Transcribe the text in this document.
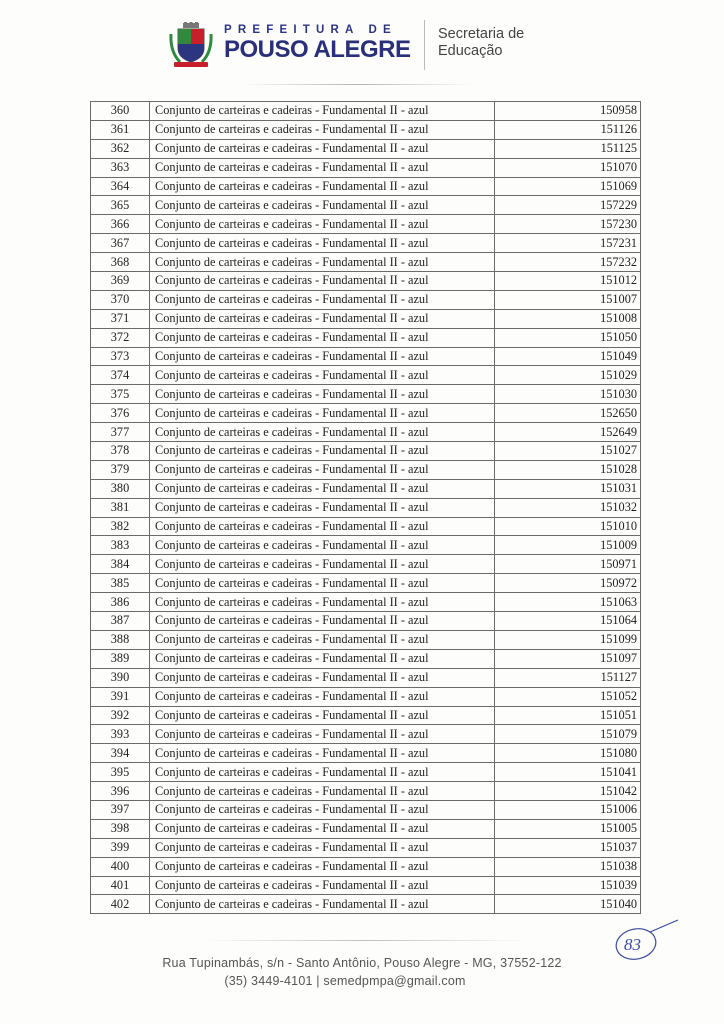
PREFEITURA DE
POUSO ALEGRE
Secretaria de
Educação
360	Conjunto de carteiras e cadeiras - Fundamental II - azul	150958
361	Conjunto de carteiras e cadeiras - Fundamental II - azul	151126
362	Conjunto de carteiras e cadeiras - Fundamental II - azul	151125
363	Conjunto de carteiras e cadeiras - Fundamental II - azul	151070
364	Conjunto de carteiras e cadeiras - Fundamental II - azul	151069
365	Conjunto de carteiras e cadeiras - Fundamental II - azul	157229
366	Conjunto de carteiras e cadeiras - Fundamental II - azul	157230
367	Conjunto de carteiras e cadeiras - Fundamental II - azul	157231
368	Conjunto de carteiras e cadeiras - Fundamental II - azul	157232
369	Conjunto de carteiras e cadeiras - Fundamental II - azul	151012
370	Conjunto de carteiras e cadeiras - Fundamental II - azul	151007
371	Conjunto de carteiras e cadeiras - Fundamental II - azul	151008
372	Conjunto de carteiras e cadeiras - Fundamental II - azul	151050
373	Conjunto de carteiras e cadeiras - Fundamental II - azul	151049
374	Conjunto de carteiras e cadeiras - Fundamental II - azul	151029
375	Conjunto de carteiras e cadeiras - Fundamental II - azul	151030
376	Conjunto de carteiras e cadeiras - Fundamental II - azul	152650
377	Conjunto de carteiras e cadeiras - Fundamental II - azul	152649
378	Conjunto de carteiras e cadeiras - Fundamental II - azul	151027
379	Conjunto de carteiras e cadeiras - Fundamental II - azul	151028
380	Conjunto de carteiras e cadeiras - Fundamental II - azul	151031
381	Conjunto de carteiras e cadeiras - Fundamental II - azul	151032
382	Conjunto de carteiras e cadeiras - Fundamental II - azul	151010
383	Conjunto de carteiras e cadeiras - Fundamental II - azul	151009
384	Conjunto de carteiras e cadeiras - Fundamental II - azul	150971
385	Conjunto de carteiras e cadeiras - Fundamental II - azul	150972
386	Conjunto de carteiras e cadeiras - Fundamental II - azul	151063
387	Conjunto de carteiras e cadeiras - Fundamental II - azul	151064
388	Conjunto de carteiras e cadeiras - Fundamental II - azul	151099
389	Conjunto de carteiras e cadeiras - Fundamental II - azul	151097
390	Conjunto de carteiras e cadeiras - Fundamental II - azul	151127
391	Conjunto de carteiras e cadeiras - Fundamental II - azul	151052
392	Conjunto de carteiras e cadeiras - Fundamental II - azul	151051
393	Conjunto de carteiras e cadeiras - Fundamental II - azul	151079
394	Conjunto de carteiras e cadeiras - Fundamental II - azul	151080
395	Conjunto de carteiras e cadeiras - Fundamental II - azul	151041
396	Conjunto de carteiras e cadeiras - Fundamental II - azul	151042
397	Conjunto de carteiras e cadeiras - Fundamental II - azul	151006
398	Conjunto de carteiras e cadeiras - Fundamental II - azul	151005
399	Conjunto de carteiras e cadeiras - Fundamental II - azul	151037
400	Conjunto de carteiras e cadeiras - Fundamental II - azul	151038
401	Conjunto de carteiras e cadeiras - Fundamental II - azul	151039
402	Conjunto de carteiras e cadeiras - Fundamental II - azul	151040
Rua Tupinambás, s/n - Santo Antônio, Pouso Alegre - MG, 37552-122
(35) 3449-4101 | semedpmpa@gmail.com
83
